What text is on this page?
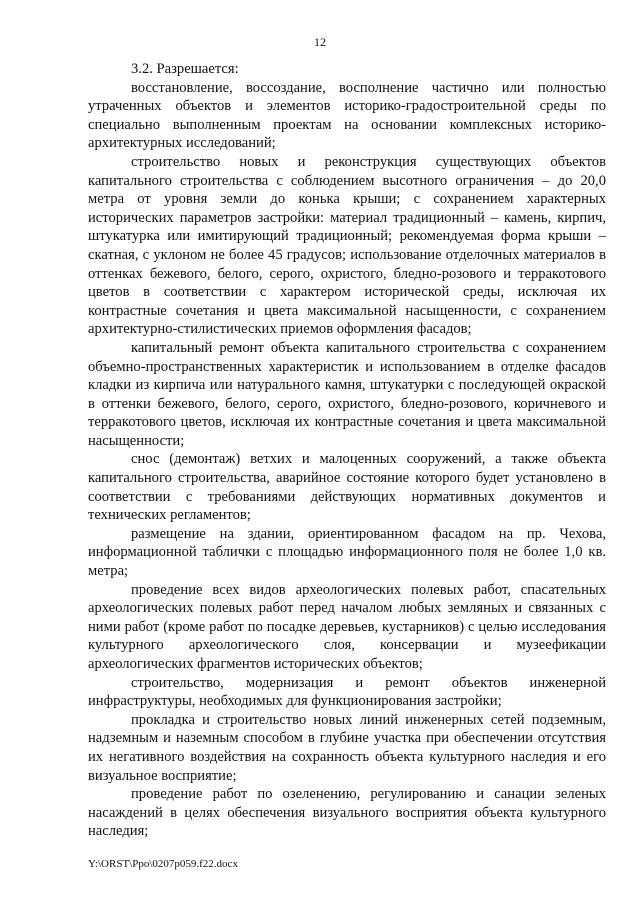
12

3.2. Разрешается:

восстановление, воссоздание, восполнение частично или полностью утраченных объектов и элементов историко-градостроительной среды по специально выполненным проектам на основании комплексных историко-архитектурных исследований;

строительство новых и реконструкция существующих объектов капитального строительства с соблюдением высотного ограничения – до 20,0 метра от уровня земли до конька крыши; с сохранением характерных исторических параметров застройки: материал традиционный – камень, кирпич, штукатурка или имитирующий традиционный; рекомендуемая форма крыши – скатная, с уклоном не более 45 градусов; использование отделочных материалов в оттенках бежевого, белого, серого, охристого, бледно-розового и терракотового цветов в соответствии с характером исторической среды, исключая их контрастные сочетания и цвета максимальной насыщенности, с сохранением архитектурно-стилистических приемов оформления фасадов;

капитальный ремонт объекта капитального строительства с сохранением объемно-пространственных характеристик и использованием в отделке фасадов кладки из кирпича или натурального камня, штукатурки с последующей окраской в оттенки бежевого, белого, серого, охристого, бледно-розового, коричневого и терракотового цветов, исключая их контрастные сочетания и цвета максимальной насыщенности;

снос (демонтаж) ветхих и малоценных сооружений, а также объекта капитального строительства, аварийное состояние которого будет установлено в соответствии с требованиями действующих нормативных документов и технических регламентов;

размещение на здании, ориентированном фасадом на пр. Чехова, информационной таблички с площадью информационного поля не более 1,0 кв. метра;

проведение всех видов археологических полевых работ, спасательных археологических полевых работ перед началом любых земляных и связанных с ними работ (кроме работ по посадке деревьев, кустарников) с целью исследования культурного археологического слоя, консервации и музеефикации археологических фрагментов исторических объектов;

строительство, модернизация и ремонт объектов инженерной инфраструктуры, необходимых для функционирования застройки;

прокладка и строительство новых линий инженерных сетей подземным, надземным и наземным способом в глубине участка при обеспечении отсутствия их негативного воздействия на сохранность объекта культурного наследия и его визуальное восприятие;

проведение работ по озеленению, регулированию и санации зеленых насаждений в целях обеспечения визуального восприятия объекта культурного наследия;

Y:\ORST\Ppo\0207p059.f22.docx
